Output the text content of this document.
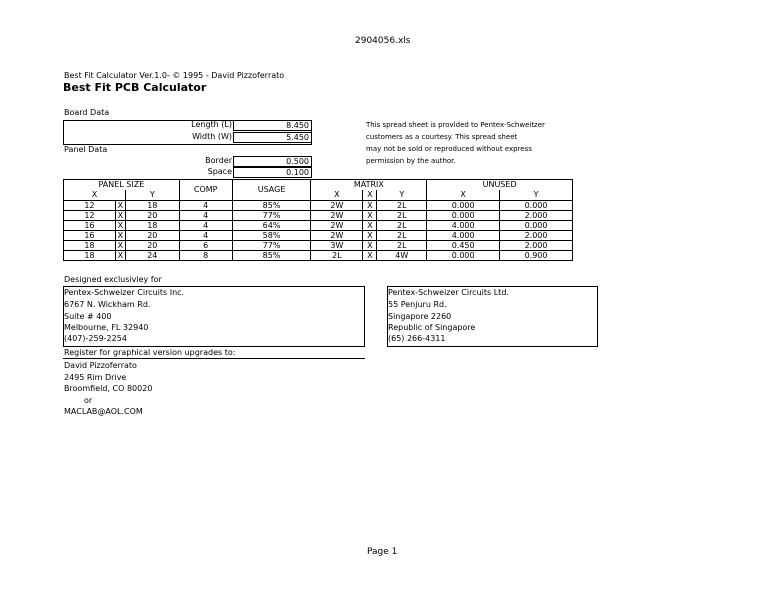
2904056.xls
Best Fit Calculator Ver.1.0- © 1995 - David Pizzoferrato
Best Fit PCB Calculator
Board Data
Length (L)	8.450
Width (W)	5.450
Panel Data
Border	0.500
Space	0.100
This spread sheet is provided to Pentex-Schweitzer
customers as a courtesy. This spread sheet
may not be sold or reproduced without express
permission by the author.
PANEL SIZE			COMP	USAGE	MATRIX			UNUSED	
X		Y			X	X	Y	X	Y
12	X	18	4	85%	2W	X	2L	0.000	0.000
12	X	20	4	77%	2W	X	2L	0.000	2.000
16	X	18	4	64%	2W	X	2L	4.000	0.000
16	X	20	4	58%	2W	X	2L	4.000	2.000
18	X	20	6	77%	3W	X	2L	0.450	2.000
18	X	24	8	85%	2L	X	4W	0.000	0.900
Designed exclusivley for
Pentex-Schweizer Circuits Inc.
6767 N. Wickham Rd.
Suite # 400
Melbourne, FL 32940
(407)-259-2254
Pentex-Schweizer Circuits Ltd.
55 Penjuru Rd.
Singapore 2260
Republic of Singapore
(65) 266-4311
Register for graphical version upgrades to:
David Pizzoferrato
2495 Rim Drive
Broomfield, CO 80020
or
MACLAB@AOL.COM
Page 1
